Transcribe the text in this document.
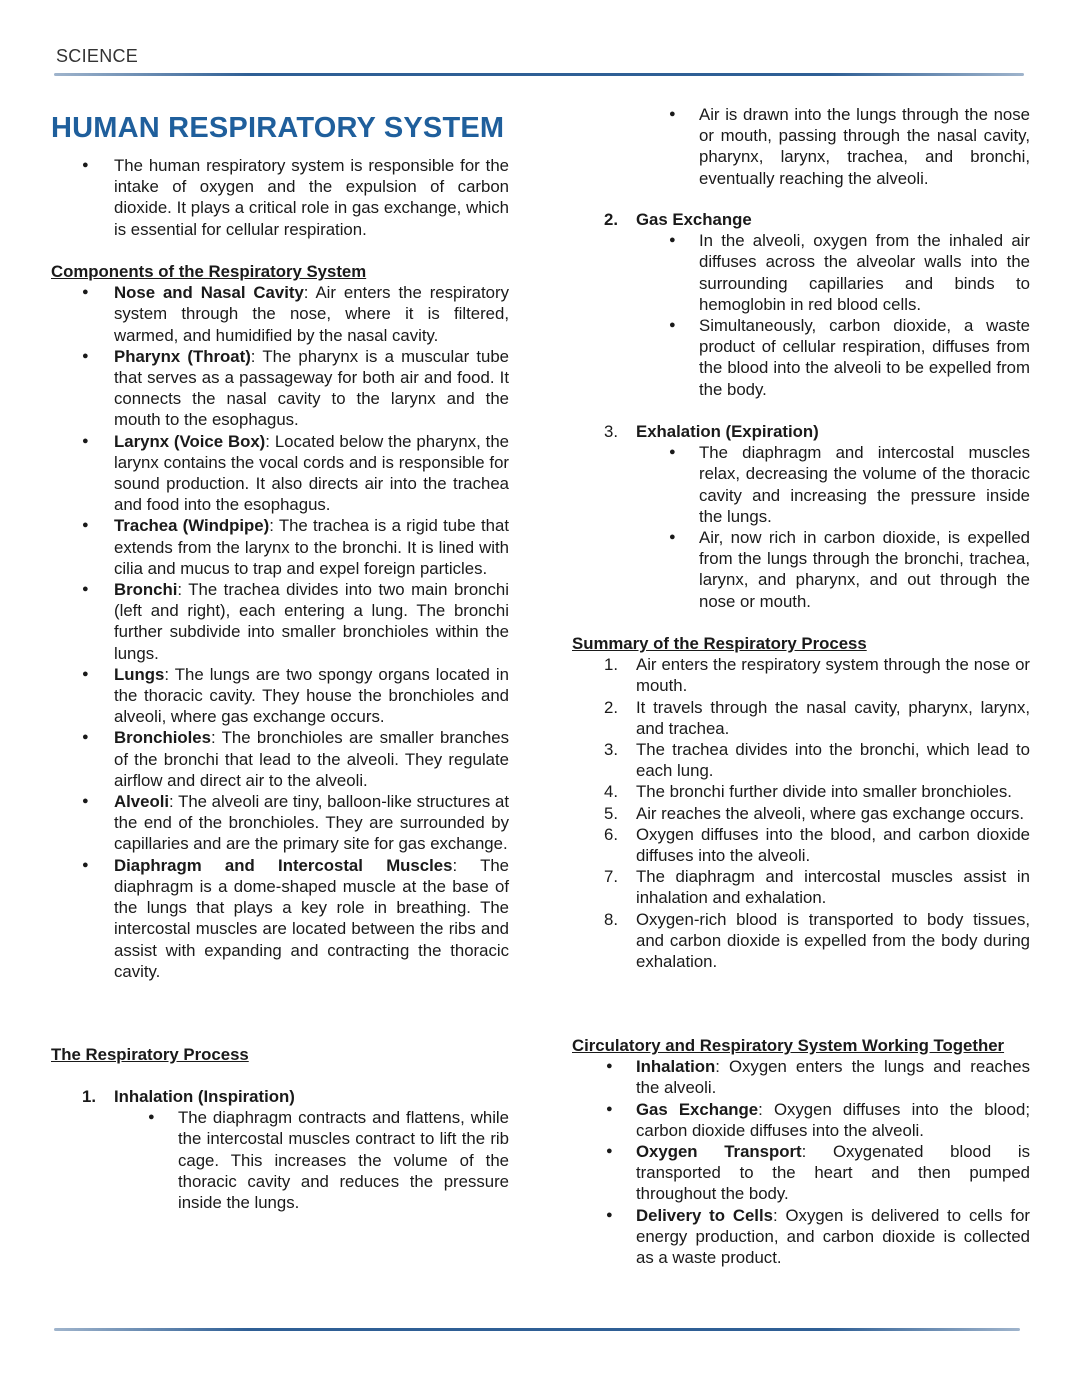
SCIENCE
HUMAN RESPIRATORY SYSTEM
● The human respiratory system is responsible for the intake of oxygen and the expulsion of carbon dioxide. It plays a critical role in gas exchange, which is essential for cellular respiration.
Components of the Respiratory System
● Nose and Nasal Cavity: Air enters the respiratory system through the nose, where it is filtered, warmed, and humidified by the nasal cavity.
● Pharynx (Throat): The pharynx is a muscular tube that serves as a passageway for both air and food. It connects the nasal cavity to the larynx and the mouth to the esophagus.
● Larynx (Voice Box): Located below the pharynx, the larynx contains the vocal cords and is responsible for sound production. It also directs air into the trachea and food into the esophagus.
● Trachea (Windpipe): The trachea is a rigid tube that extends from the larynx to the bronchi. It is lined with cilia and mucus to trap and expel foreign particles.
● Bronchi: The trachea divides into two main bronchi (left and right), each entering a lung. The bronchi further subdivide into smaller bronchioles within the lungs.
● Lungs: The lungs are two spongy organs located in the thoracic cavity. They house the bronchioles and alveoli, where gas exchange occurs.
● Bronchioles: The bronchioles are smaller branches of the bronchi that lead to the alveoli. They regulate airflow and direct air to the alveoli.
● Alveoli: The alveoli are tiny, balloon-like structures at the end of the bronchioles. They are surrounded by capillaries and are the primary site for gas exchange.
● Diaphragm and Intercostal Muscles: The diaphragm is a dome-shaped muscle at the base of the lungs that plays a key role in breathing. The intercostal muscles are located between the ribs and assist with expanding and contracting the thoracic cavity.
The Respiratory Process
1. Inhalation (Inspiration)
● The diaphragm contracts and flattens, while the intercostal muscles contract to lift the rib cage. This increases the volume of the thoracic cavity and reduces the pressure inside the lungs.
● Air is drawn into the lungs through the nose or mouth, passing through the nasal cavity, pharynx, larynx, trachea, and bronchi, eventually reaching the alveoli.
2. Gas Exchange
● In the alveoli, oxygen from the inhaled air diffuses across the alveolar walls into the surrounding capillaries and binds to hemoglobin in red blood cells.
● Simultaneously, carbon dioxide, a waste product of cellular respiration, diffuses from the blood into the alveoli to be expelled from the body.
3. Exhalation (Expiration)
● The diaphragm and intercostal muscles relax, decreasing the volume of the thoracic cavity and increasing the pressure inside the lungs.
● Air, now rich in carbon dioxide, is expelled from the lungs through the bronchi, trachea, larynx, and pharynx, and out through the nose or mouth.
Summary of the Respiratory Process
1. Air enters the respiratory system through the nose or mouth.
2. It travels through the nasal cavity, pharynx, larynx, and trachea.
3. The trachea divides into the bronchi, which lead to each lung.
4. The bronchi further divide into smaller bronchioles.
5. Air reaches the alveoli, where gas exchange occurs.
6. Oxygen diffuses into the blood, and carbon dioxide diffuses into the alveoli.
7. The diaphragm and intercostal muscles assist in inhalation and exhalation.
8. Oxygen-rich blood is transported to body tissues, and carbon dioxide is expelled from the body during exhalation.
Circulatory and Respiratory System Working Together
● Inhalation: Oxygen enters the lungs and reaches the alveoli.
● Gas Exchange: Oxygen diffuses into the blood; carbon dioxide diffuses into the alveoli.
● Oxygen Transport: Oxygenated blood is transported to the heart and then pumped throughout the body.
● Delivery to Cells: Oxygen is delivered to cells for energy production, and carbon dioxide is collected as a waste product.
